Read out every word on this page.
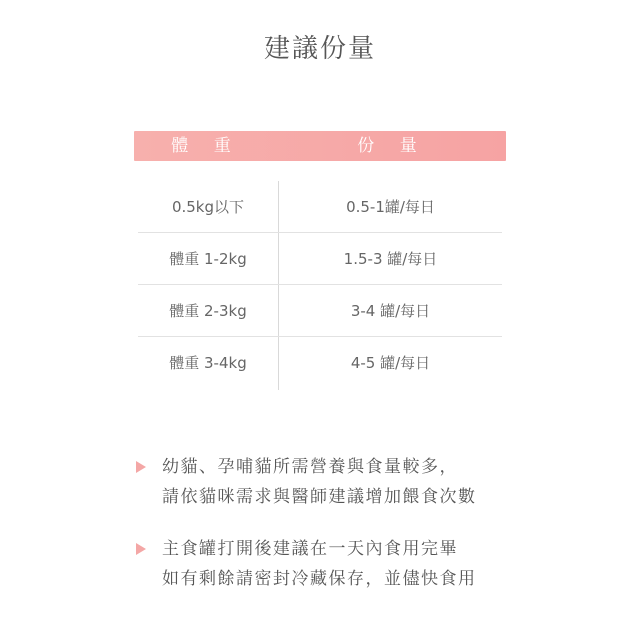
建議份量
體 重	份 量
0.5kg以下	0.5-1罐/每日
體重 1-2kg	1.5-3 罐/每日
體重 2-3kg	3-4 罐/每日
體重 3-4kg	4-5 罐/每日
幼貓、孕哺貓所需營養與食量較多，
請依貓咪需求與醫師建議增加餵食次數
主食罐打開後建議在一天內食用完畢
如有剩餘請密封冷藏保存，並儘快食用
